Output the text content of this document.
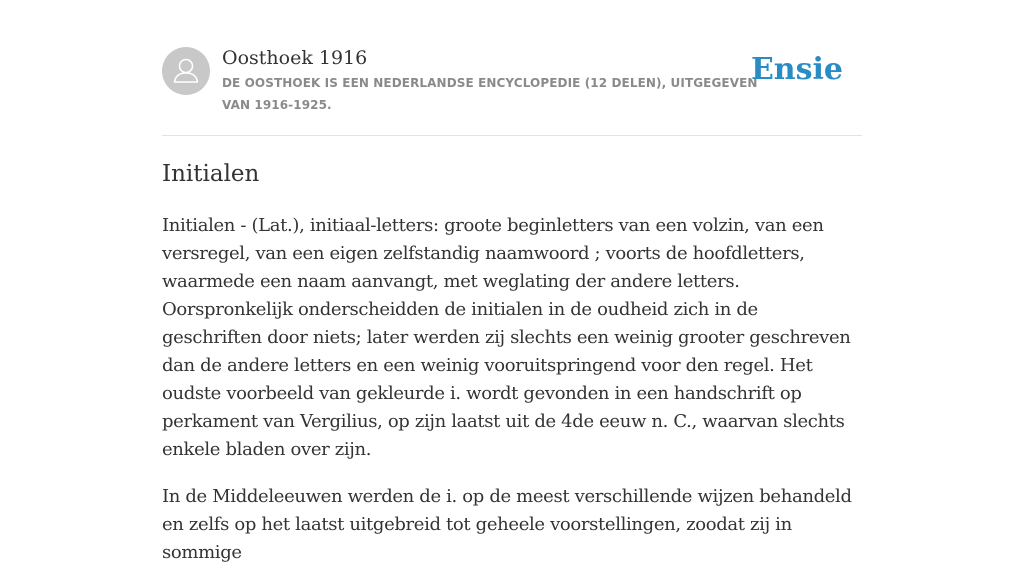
Oosthoek 1916
DE OOSTHOEK IS EEN NEDERLANDSE ENCYCLOPEDIE (12 DELEN), UITGEGEVEN VAN 1916-1925.
Ensie
Initialen

Initialen - (Lat.), initiaal-letters: groote beginletters van een volzin, van een versregel, van een eigen zelfstandig naamwoord ; voorts de hoofdletters, waarmede een naam aanvangt, met weglating der andere letters. Oorspronkelijk onderscheidden de initialen in de oudheid zich in de geschriften door niets; later werden zij slechts een weinig grooter geschreven dan de andere letters en een weinig vooruitspringend voor den regel. Het oudste voorbeeld van gekleurde i. wordt gevonden in een handschrift op perkament van Vergilius, op zijn laatst uit de 4de eeuw n. C., waarvan slechts enkele bladen over zijn.

In de Middeleeuwen werden de i. op de meest verschillende wijzen behandeld en zelfs op het laatst uitgebreid tot geheele voorstellingen, zoodat zij in sommige
